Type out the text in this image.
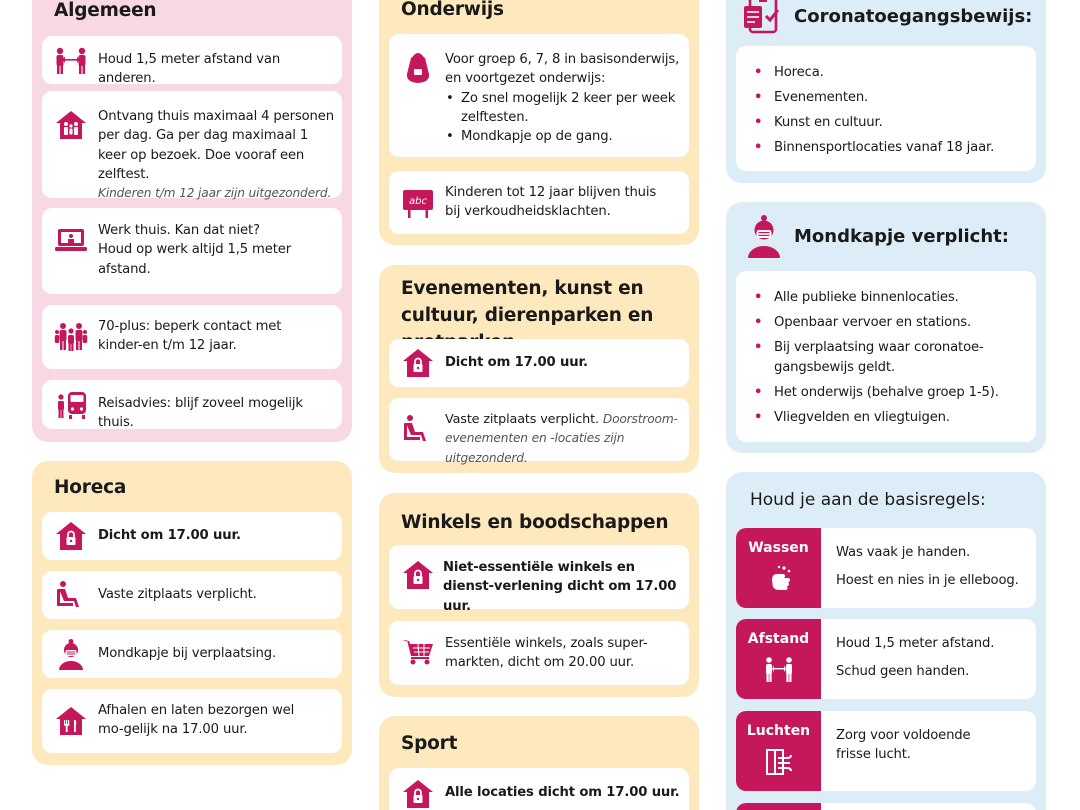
Algemeen
Houd 1,5 meter afstand van anderen.
Ontvang thuis maximaal 4 personen per dag. Ga per dag maximaal 1 keer op bezoek. Doe vooraf een zelftest.
Kinderen t/m 12 jaar zijn uitgezonderd.
Werk thuis. Kan dat niet?
Houd op werk altijd 1,5 meter afstand.
70-plus: beperk contact met kinder-en t/m 12 jaar.
Reisadvies: blijf zoveel mogelijk thuis.
Horeca
Dicht om 17.00 uur.
Vaste zitplaats verplicht.
Mondkapje bij verplaatsing.
Afhalen en laten bezorgen wel mo-gelijk na 17.00 uur.
Onderwijs
Voor groep 6, 7, 8 in basisonderwijs, en voortgezet onderwijs:
• Zo snel mogelijk 2 keer per week zelftesten.
• Mondkapje op de gang.
abc
Kinderen tot 12 jaar blijven thuis bij verkoudheidsklachten.
Evenementen, kunst en cultuur, dierenparken en
Dicht om 17.00 uur.
Vaste zitplaats verplicht. Doorstroom-evenementen en -locaties zijn uitgezonderd.
Winkels en boodschappen
Niet-essentiële winkels en dienst-verlening dicht om 17.00 uur.
Essentiële winkels, zoals super-markten, dicht om 20.00 uur.
Sport
Alle locaties dicht om 17.00 uur.
Coronatoegangsbewijs:
• Horeca.
• Evenementen.
• Kunst en cultuur.
• Binnensportlocaties vanaf 18 jaar.
Mondkapje verplicht:
• Alle publieke binnenlocaties.
• Openbaar vervoer en stations.
• Bij verplaatsing waar coronatoe-gangsbewijs geldt.
• Het onderwijs (behalve groep 1-5).
• Vliegvelden en vliegtuigen.
Houd je aan de basisregels:
Wassen	Was vaak je handen.
Hoest en nies in je elleboog.
Afstand	Houd 1,5 meter afstand.
Schud geen handen.
Luchten	Zorg voor voldoende frisse lucht.
